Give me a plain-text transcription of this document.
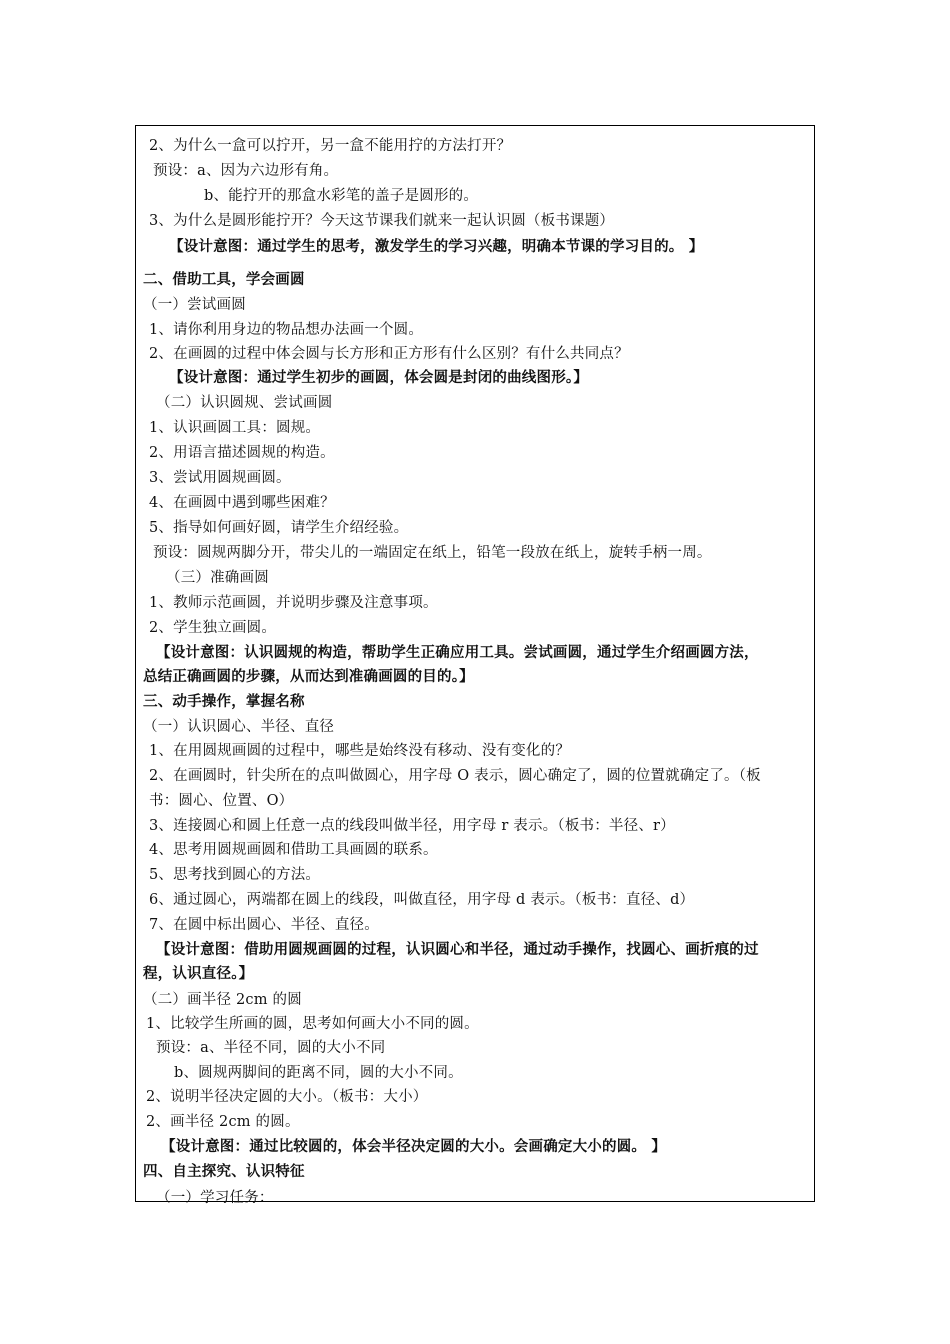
2、为什么一盒可以拧开，另一盒不能用拧的方法打开？
预设：a、因为六边形有角。
b、能拧开的那盒水彩笔的盖子是圆形的。
3、为什么是圆形能拧开？今天这节课我们就来一起认识圆（板书课题）
【设计意图：通过学生的思考，激发学生的学习兴趣，明确本节课的学习目的。 】
二、借助工具，学会画圆
（一）尝试画圆
1、请你利用身边的物品想办法画一个圆。
2、在画圆的过程中体会圆与长方形和正方形有什么区别？有什么共同点？
【设计意图：通过学生初步的画圆，体会圆是封闭的曲线图形。】
（二）认识圆规、尝试画圆
1、认识画圆工具：圆规。
2、用语言描述圆规的构造。
3、尝试用圆规画圆。
4、在画圆中遇到哪些困难？
5、指导如何画好圆，请学生介绍经验。
预设：圆规两脚分开，带尖儿的一端固定在纸上，铅笔一段放在纸上，旋转手柄一周。
（三）准确画圆
1、教师示范画圆，并说明步骤及注意事项。
2、学生独立画圆。
【设计意图：认识圆规的构造，帮助学生正确应用工具。尝试画圆，通过学生介绍画圆方法，
总结正确画圆的步骤，从而达到准确画圆的目的。】
三、动手操作，掌握名称
（一）认识圆心、半径、直径
1、在用圆规画圆的过程中，哪些是始终没有移动、没有变化的？
2、在画圆时，针尖所在的点叫做圆心，用字母 O 表示，圆心确定了，圆的位置就确定了。（板
书：圆心、位置、O）
3、连接圆心和圆上任意一点的线段叫做半径，用字母 r 表示。（板书：半径、r）
4、思考用圆规画圆和借助工具画圆的联系。
5、思考找到圆心的方法。
6、通过圆心，两端都在圆上的线段，叫做直径，用字母 d 表示。（板书：直径、d）
7、在圆中标出圆心、半径、直径。
【设计意图：借助用圆规画圆的过程，认识圆心和半径，通过动手操作，找圆心、画折痕的过
程，认识直径。】
（二）画半径 2cm 的圆
1、比较学生所画的圆，思考如何画大小不同的圆。
预设：a、半径不同，圆的大小不同
b、圆规两脚间的距离不同，圆的大小不同。
2、说明半径决定圆的大小。（板书：大小）
2、画半径 2cm 的圆。
【设计意图：通过比较圆的，体会半径决定圆的大小。会画确定大小的圆。 】
四、自主探究、认识特征
（一）学习任务：
